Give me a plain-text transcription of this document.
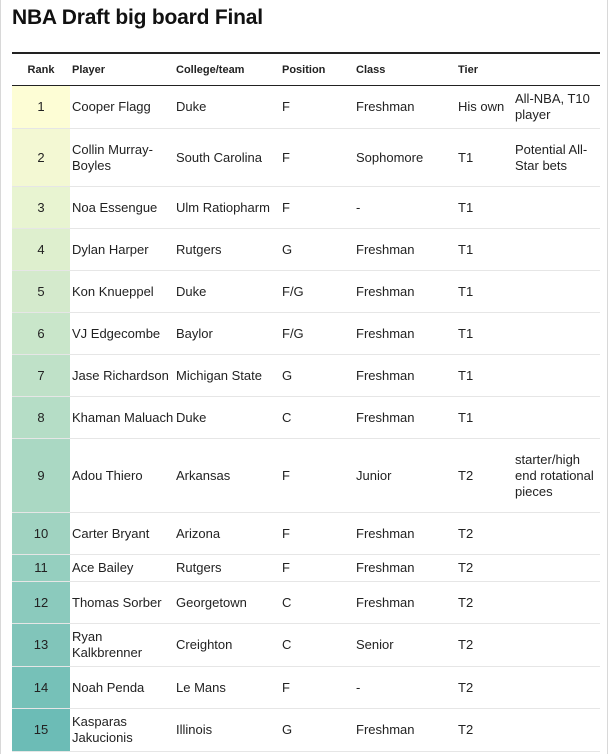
NBA Draft big board Final
Rank	Player	College/team	Position	Class	Tier	
1	Cooper Flagg	Duke	F	Freshman	His own	All-NBA, T10 player
2	Collin Murray-Boyles	South Carolina	F	Sophomore	T1	Potential All-Star bets
3	Noa Essengue	Ulm Ratiopharm	F	-	T1	
4	Dylan Harper	Rutgers	G	Freshman	T1	
5	Kon Knueppel	Duke	F/G	Freshman	T1	
6	VJ Edgecombe	Baylor	F/G	Freshman	T1	
7	Jase Richardson	Michigan State	G	Freshman	T1	
8	Khaman Maluach	Duke	C	Freshman	T1	
9	Adou Thiero	Arkansas	F	Junior	T2	starter/high end rotational pieces
10	Carter Bryant	Arizona	F	Freshman	T2	
11	Ace Bailey	Rutgers	F	Freshman	T2	
12	Thomas Sorber	Georgetown	C	Freshman	T2	
13	Ryan Kalkbrenner	Creighton	C	Senior	T2	
14	Noah Penda	Le Mans	F	-	T2	
15	Kasparas Jakucionis	Illinois	G	Freshman	T2	
